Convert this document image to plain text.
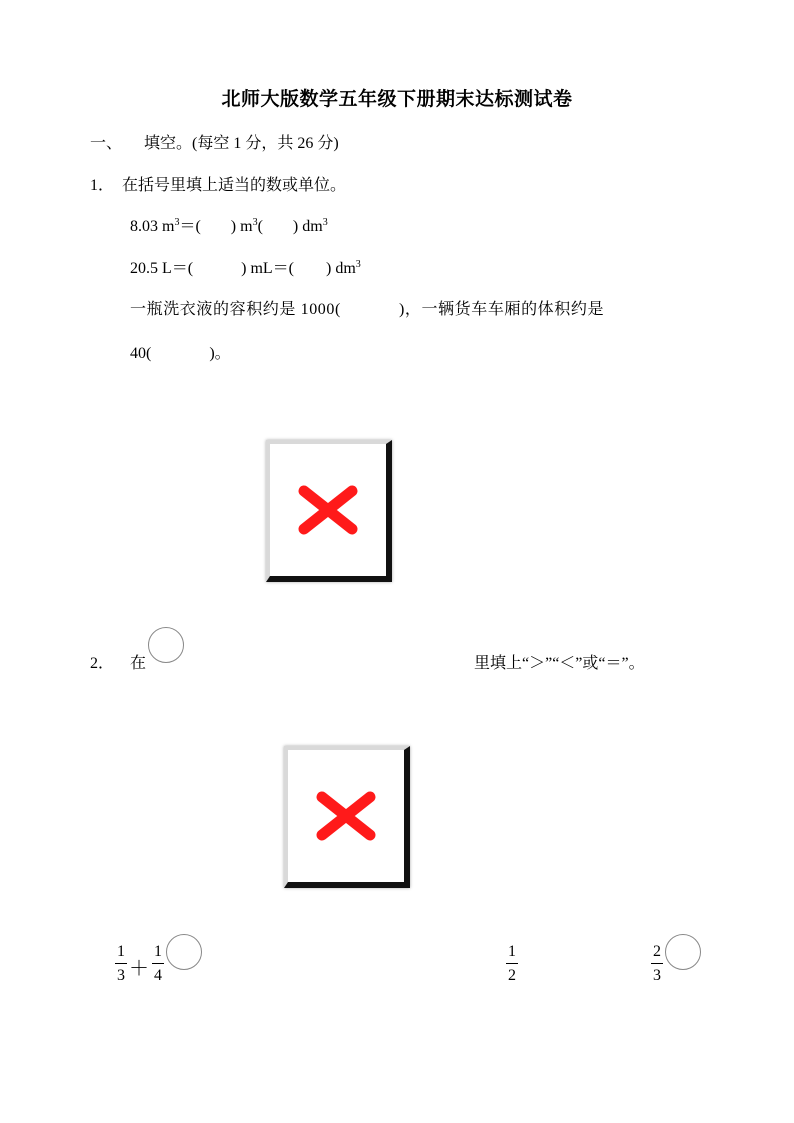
北师大版数学五年级下册期末达标测试卷
一、 填空。(每空 1 分，共 26 分)
1． 在括号里填上适当的数或单位。
8.03 $m^3=$( ) $m^3$( ) $dm^3$
20.5 L＝(	) mL＝( ) $dm^3$
一瓶洗衣液的容积约是 1000(	)，一辆货车车厢的体积约是
40(	)。
2． 在	里填上“＞”“＜”或“＝”。
$\frac{1}{3} + \frac{1}{4}$	$\frac{1}{2}$	$\frac{2}{3}$
